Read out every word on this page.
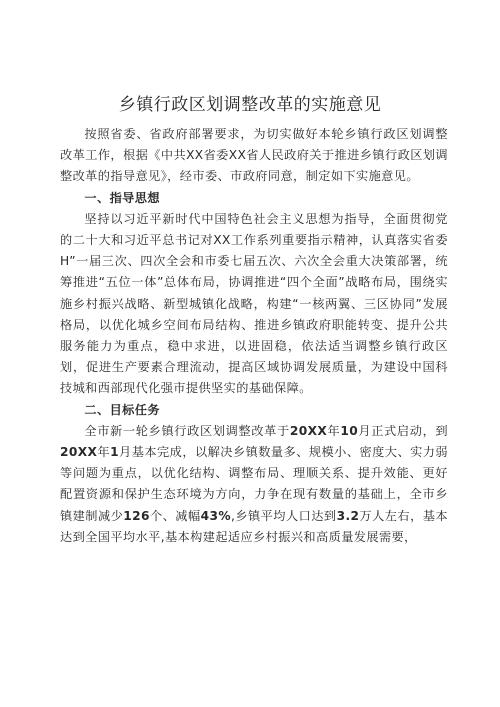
乡镇行政区划调整改革的实施意见

按照省委、省政府部署要求，为切实做好本轮乡镇行政区划调整改革工作，根据《中共XX省委XX省人民政府关于推进乡镇行政区划调整改革的指导意见》，经市委、市政府同意，制定如下实施意见。

一、指导思想

坚持以习近平新时代中国特色社会主义思想为指导，全面贯彻党的二十大和习近平总书记对XX工作系列重要指示精神，认真落实省委H”一届三次、四次全会和市委七届五次、六次全会重大决策部署，统筹推进“五位一体”总体布局，协调推进“四个全面”战略布局，围绕实施乡村振兴战略、新型城镇化战略，构建“一核两翼、三区协同”发展格局，以优化城乡空间布局结构、推进乡镇政府职能转变、提升公共服务能力为重点，稳中求进，以进固稳，依法适当调整乡镇行政区划，促进生产要素合理流动，提高区域协调发展质量，为建设中国科技城和西部现代化强市提供坚实的基础保障。

二、目标任务

全市新一轮乡镇行政区划调整改革于20XX年10月正式启动，到20XX年1月基本完成，以解决乡镇数量多、规模小、密度大、实力弱等问题为重点，以优化结构、调整布局、理顺关系、提升效能、更好配置资源和保护生态环境为方向，力争在现有数量的基础上，全市乡镇建制减少126个、减幅43%,乡镇平均人口达到3.2万人左右，基本达到全国平均水平,基本构建起适应乡村振兴和高质量发展需要，
